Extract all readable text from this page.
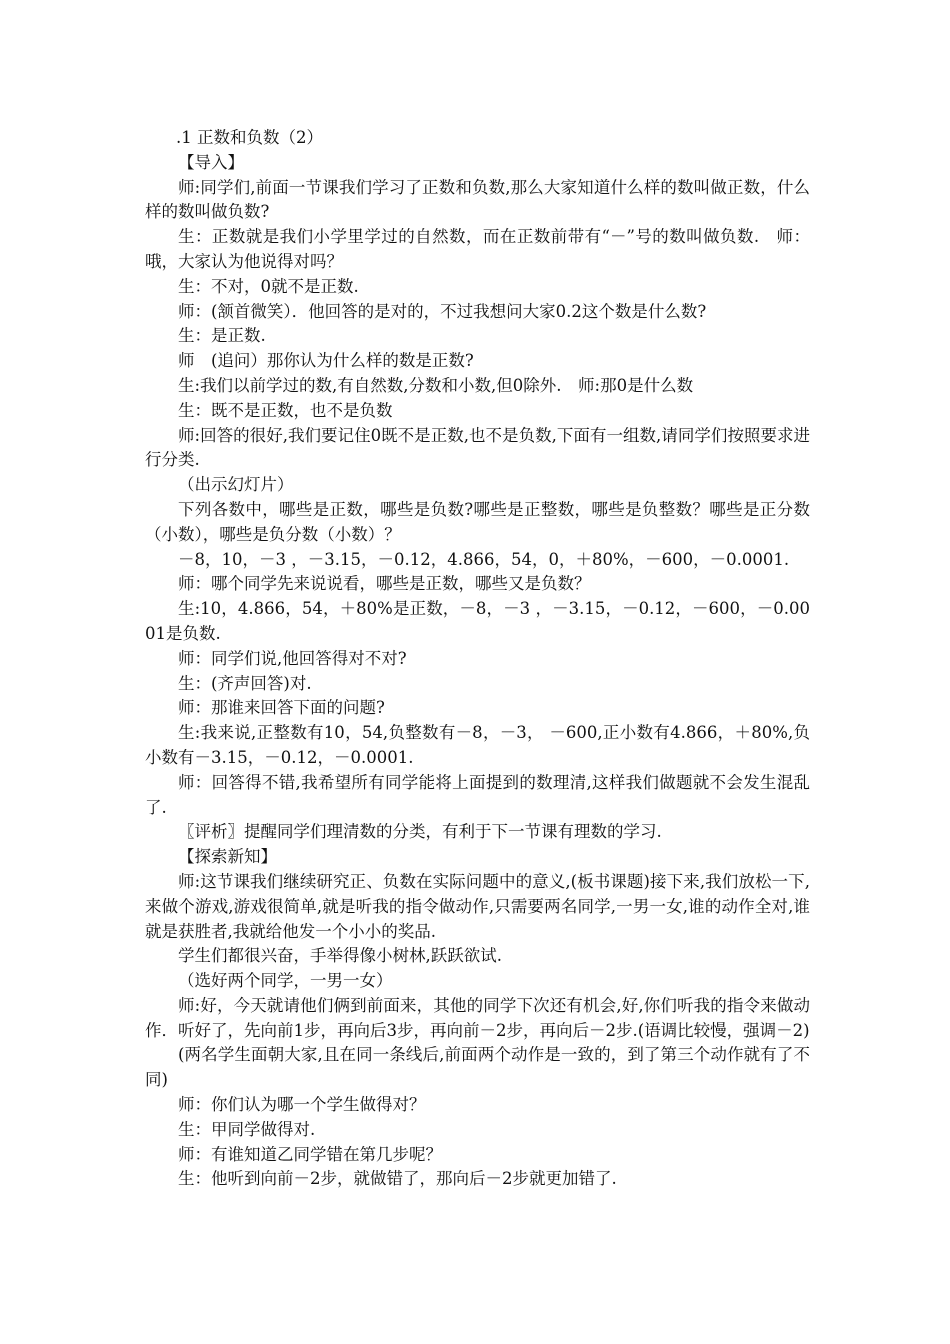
.1 正数和负数（2）

【导入】

师:同学们,前面一节课我们学习了正数和负数,那么大家知道什么样的数叫做正数，什么样的数叫做负数?

生：正数就是我们小学里学过的自然数，而在正数前带有“－”号的数叫做负数.　师：哦，大家认为他说得对吗？

生：不对，0就不是正数.

师：(颔首微笑）．他回答的是对的，不过我想问大家0.2这个数是什么数?

生：是正数.

师　(追问）那你认为什么样的数是正数?

生:我们以前学过的数,有自然数,分数和小数,但0除外.　师:那0是什么数

生：既不是正数，也不是负数

师:回答的很好,我们要记住0既不是正数,也不是负数,下面有一组数,请同学们按照要求进行分类.

（出示幻灯片）

下列各数中，哪些是正数，哪些是负数?哪些是正整数，哪些是负整数？哪些是正分数（小数），哪些是负分数（小数）？

－8，10，－3 ，－3.15，－0.12，4.866，54，0，＋80%，－600，－0.0001.

师：哪个同学先来说说看，哪些是正数，哪些又是负数？

生:10，4.866，54，＋80%是正数，－8，－3 ，－3.15，－0.12，－600，－0.0001是负数.

师：同学们说,他回答得对不对?

生：(齐声回答)对.

师：那谁来回答下面的问题?

生:我来说,正整数有10，54,负整数有－8，－3， －600,正小数有4.866，＋80%,负小数有－3.15，－0.12，－0.0001.

师：回答得不错,我希望所有同学能将上面提到的数理清,这样我们做题就不会发生混乱了.

〖评析〗提醒同学们理清数的分类，有利于下一节课有理数的学习.

【探索新知】

师:这节课我们继续研究正、负数在实际问题中的意义,(板书课题)接下来,我们放松一下,来做个游戏,游戏很简单,就是听我的指令做动作,只需要两名同学,一男一女,谁的动作全对,谁就是获胜者,我就给他发一个小小的奖品.

学生们都很兴奋，手举得像小树林,跃跃欲试.

（选好两个同学，一男一女）

师:好，今天就请他们俩到前面来，其他的同学下次还有机会,好,你们听我的指令来做动作．听好了，先向前1步，再向后3步，再向前－2步，再向后－2步.(语调比较慢，强调－2)

(两名学生面朝大家,且在同一条线后,前面两个动作是一致的，到了第三个动作就有了不同)

师：你们认为哪一个学生做得对？

生：甲同学做得对.

师：有谁知道乙同学错在第几步呢？

生：他听到向前－2步，就做错了，那向后－2步就更加错了.
